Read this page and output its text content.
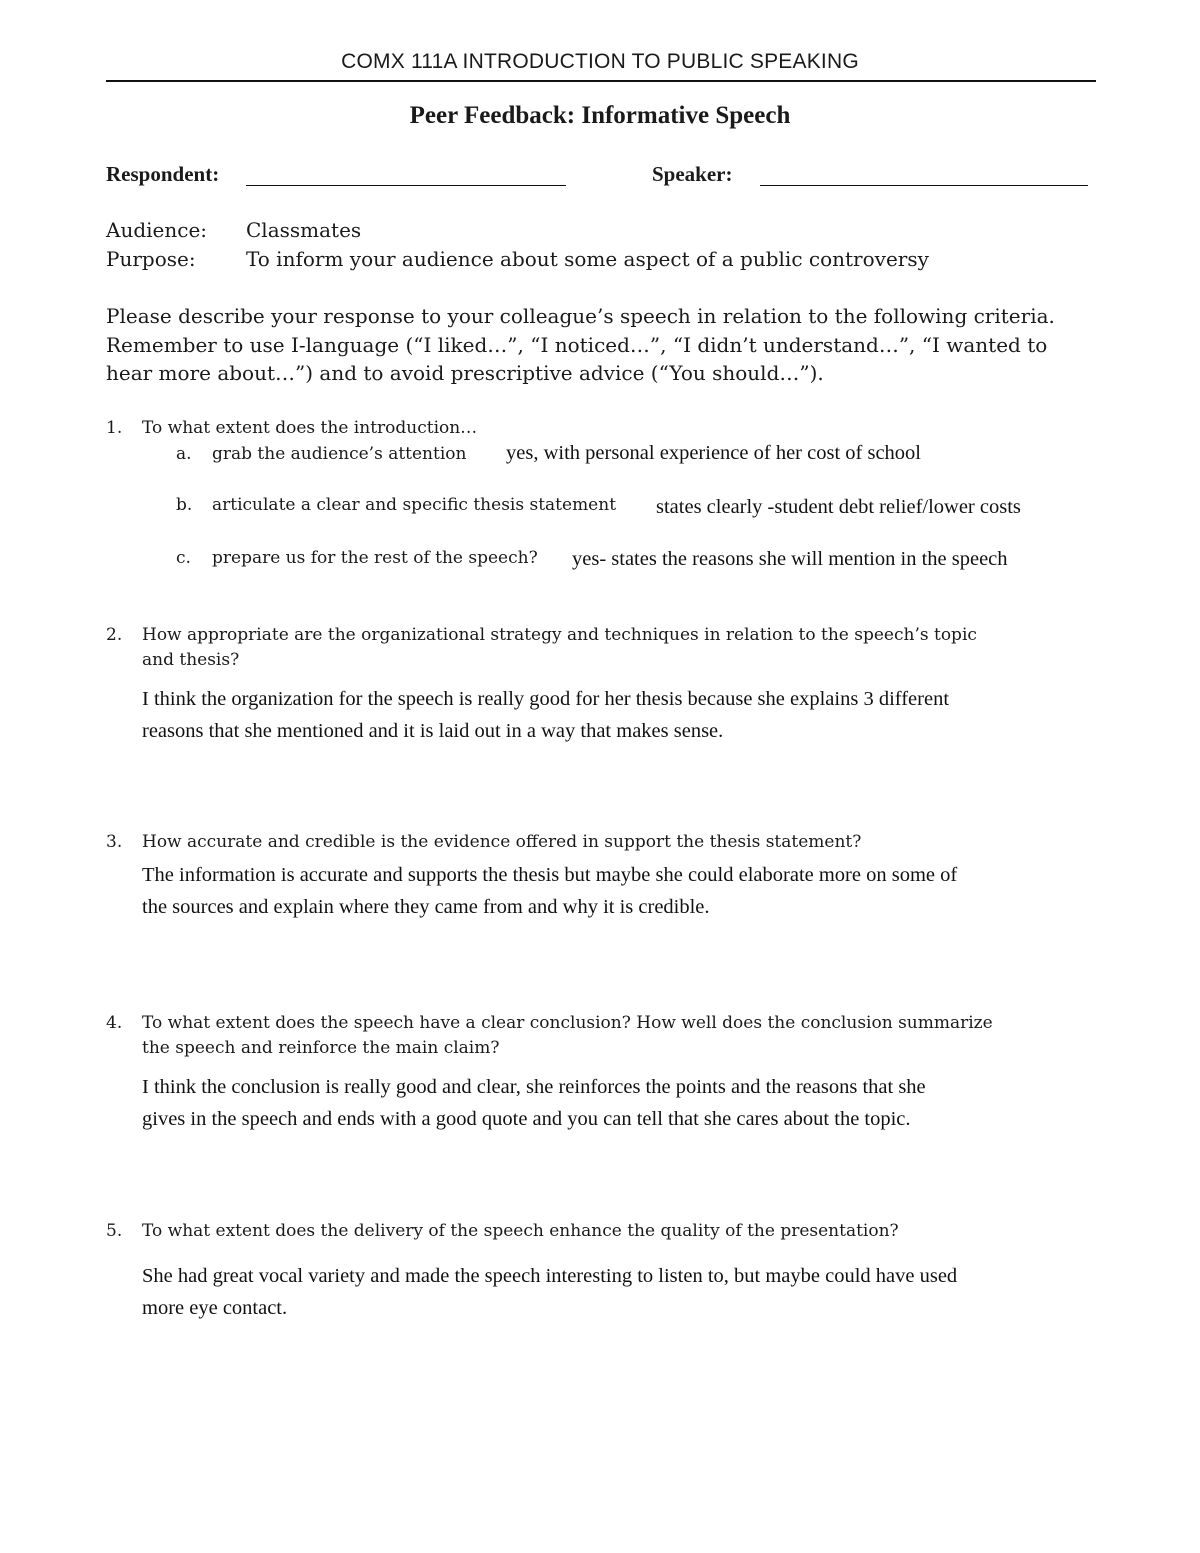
COMX 111A INTRODUCTION TO PUBLIC SPEAKING
Peer Feedback: Informative Speech
Respondent:	Speaker:
Audience: Classmates
Purpose:	To inform your audience about some aspect of a public controversy
Please describe your response to your colleague’s speech in relation to the following criteria.
Remember to use I-language (“I liked…”, “I noticed…”, “I didn’t understand…”, “I wanted to
hear more about…”) and to avoid prescriptive advice (“You should…”).
1. To what extent does the introduction…
a. grab the audience’s attention yes, with personal experience of her cost of school
b. articulate a clear and specific thesis statement states clearly -student debt relief/lower costs
c. prepare us for the rest of the speech? yes- states the reasons she will mention in the speech
2. How appropriate are the organizational strategy and techniques in relation to the speech’s topic
and thesis?
I think the organization for the speech is really good for her thesis because she explains 3 different
reasons that she mentioned and it is laid out in a way that makes sense.
3. How accurate and credible is the evidence offered in support the thesis statement?
The information is accurate and supports the thesis but maybe she could elaborate more on some of
the sources and explain where they came from and why it is credible.
4. To what extent does the speech have a clear conclusion? How well does the conclusion summarize
the speech and reinforce the main claim?
I think the conclusion is really good and clear, she reinforces the points and the reasons that she
gives in the speech and ends with a good quote and you can tell that she cares about the topic.
5. To what extent does the delivery of the speech enhance the quality of the presentation?
She had great vocal variety and made the speech interesting to listen to, but maybe could have used
more eye contact.
